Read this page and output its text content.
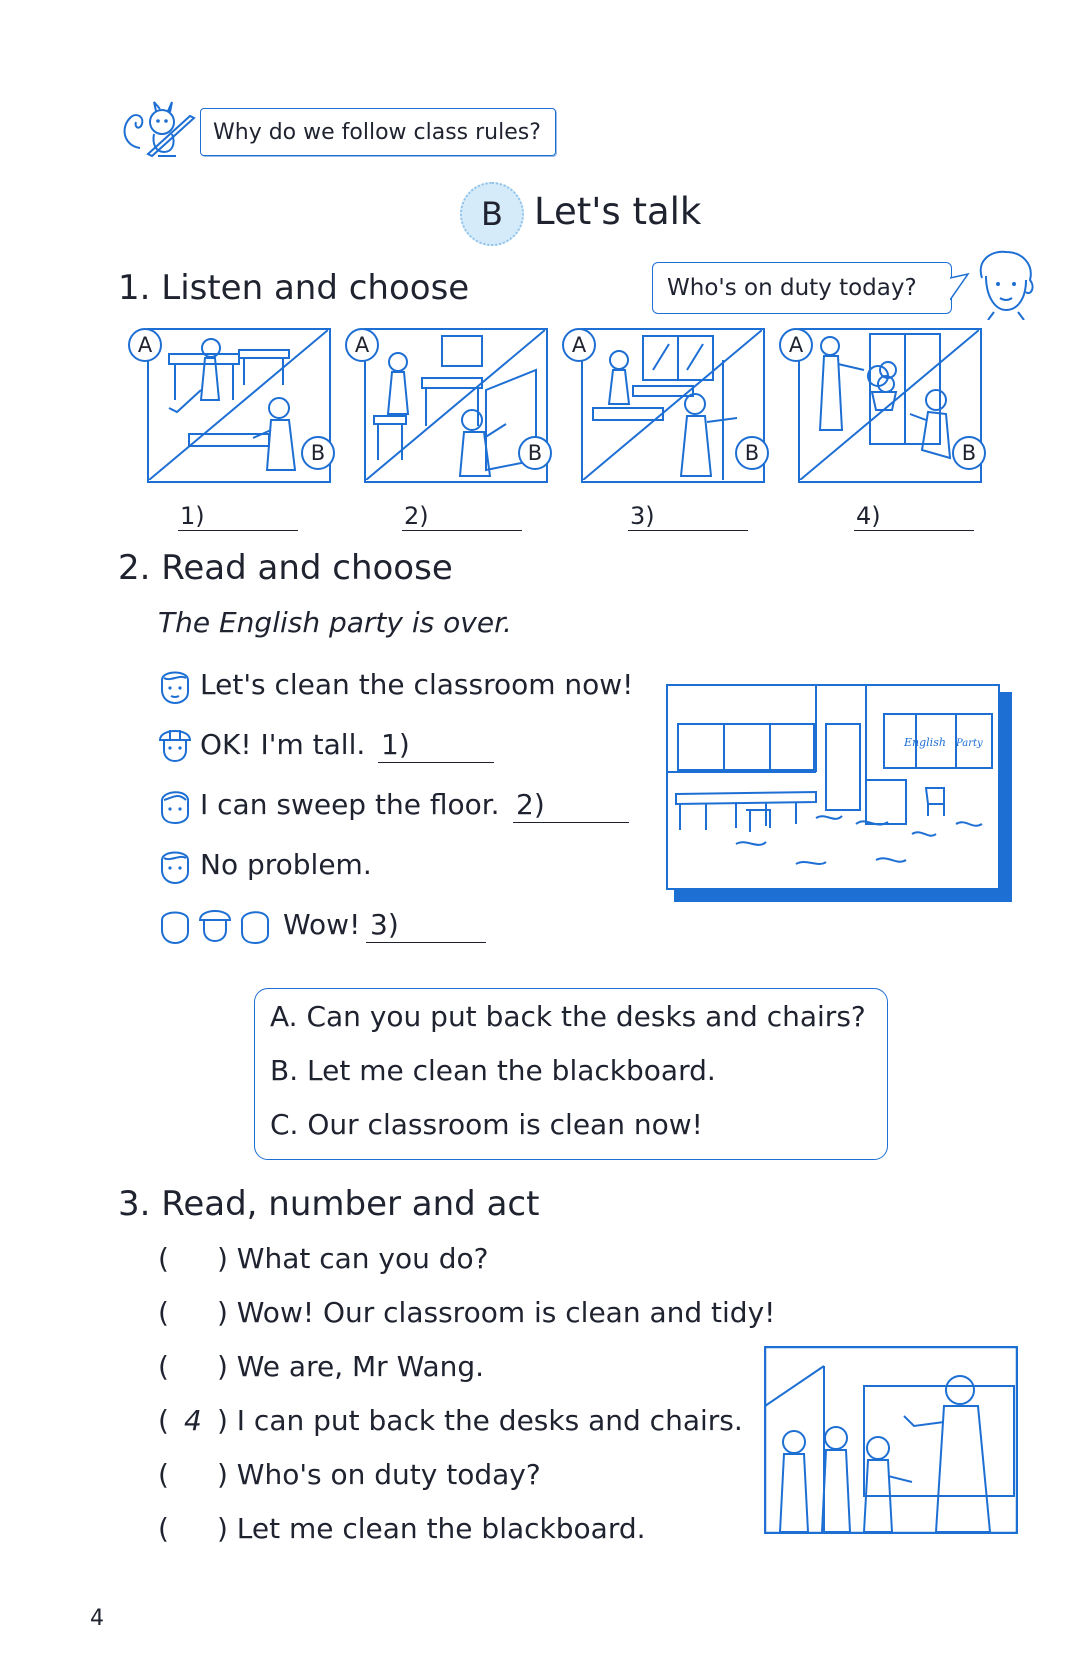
Why do we follow class rules?
B Let's talk
1. Listen and choose	Who's on duty today?
A
B
A
B
A
B
A
B
1)	2)	3)	4)
2. Read and choose
The English party is over.
Let's clean the classroom now!
OK! I'm tall. 1)
I can sweep the floor. 2)
No problem.
Wow! 3)
English Party
A. Can you put back the desks and chairs?
B. Let me clean the blackboard.
C. Our classroom is clean now!
3. Read, number and act
( ) What can you do?
( ) Wow! Our classroom is clean and tidy!
( ) We are, Mr Wang.
( 4 ) I can put back the desks and chairs.
( ) Who's on duty today?
( ) Let me clean the blackboard.
4
